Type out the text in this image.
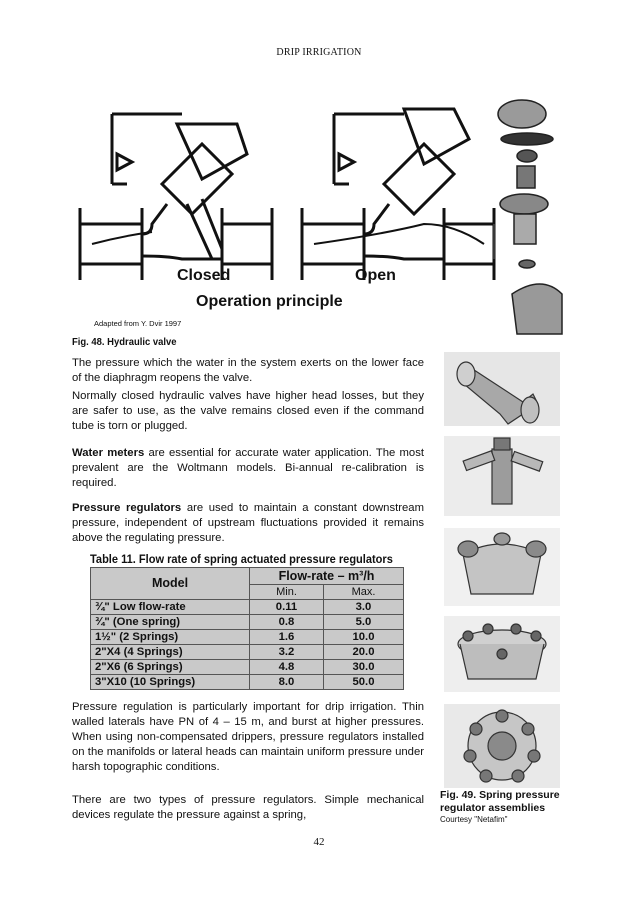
DRIP IRRIGATION
Closed	Open
Operation principle
Adapted from Y. Dvir 1997
Fig. 48. Hydraulic valve
The pressure which the water in the system exerts on the lower face of the diaphragm reopens the valve.
Normally closed hydraulic valves have higher head losses, but they are safer to use, as the valve remains closed even if the command tube is torn or plugged.
Water meters are essential for accurate water application. The most prevalent are the Woltmann models. Bi-annual re-calibration is required.
Pressure regulators are used to maintain a constant downstream pressure, independent of upstream fluctuations provided it remains above the regulating pressure.
Table 11. Flow rate of spring actuated pressure regulators
Model	Flow-rate – m³/h	
	Min.	Max.
¾" Low flow-rate	0.11	3.0
¾" (One spring)	0.8	5.0
1½" (2 Springs)	1.6	10.0
2"X4 (4 Springs)	3.2	20.0
2"X6 (6 Springs)	4.8	30.0
3"X10 (10 Springs)	8.0	50.0
Pressure regulation is particularly important for drip irrigation. Thin walled laterals have PN of 4 – 15 m, and burst at higher pressures. When using non-compensated drippers, pressure regulators installed on the manifolds or lateral heads can maintain uniform pressure under harsh topographic conditions.
There are two types of pressure regulators. Simple mechanical devices regulate the pressure against a spring,
Fig. 49. Spring pressure regulator assemblies
Courtesy "Netafim"
42
